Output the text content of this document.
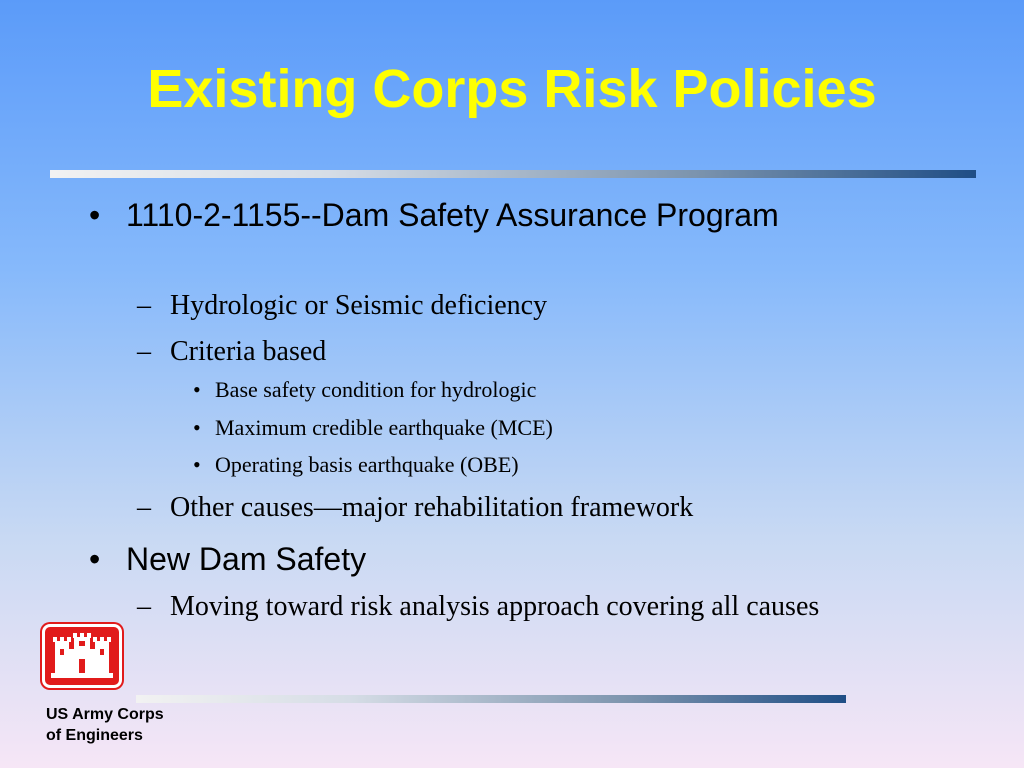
Existing Corps Risk Policies
• 1110-2-1155--Dam Safety Assurance Program
– Hydrologic or Seismic deficiency
– Criteria based
• Base safety condition for hydrologic
• Maximum credible earthquake (MCE)
• Operating basis earthquake (OBE)
– Other causes—major rehabilitation framework
• New Dam Safety
– Moving toward risk analysis approach covering all causes
US Army Corps
of Engineers
